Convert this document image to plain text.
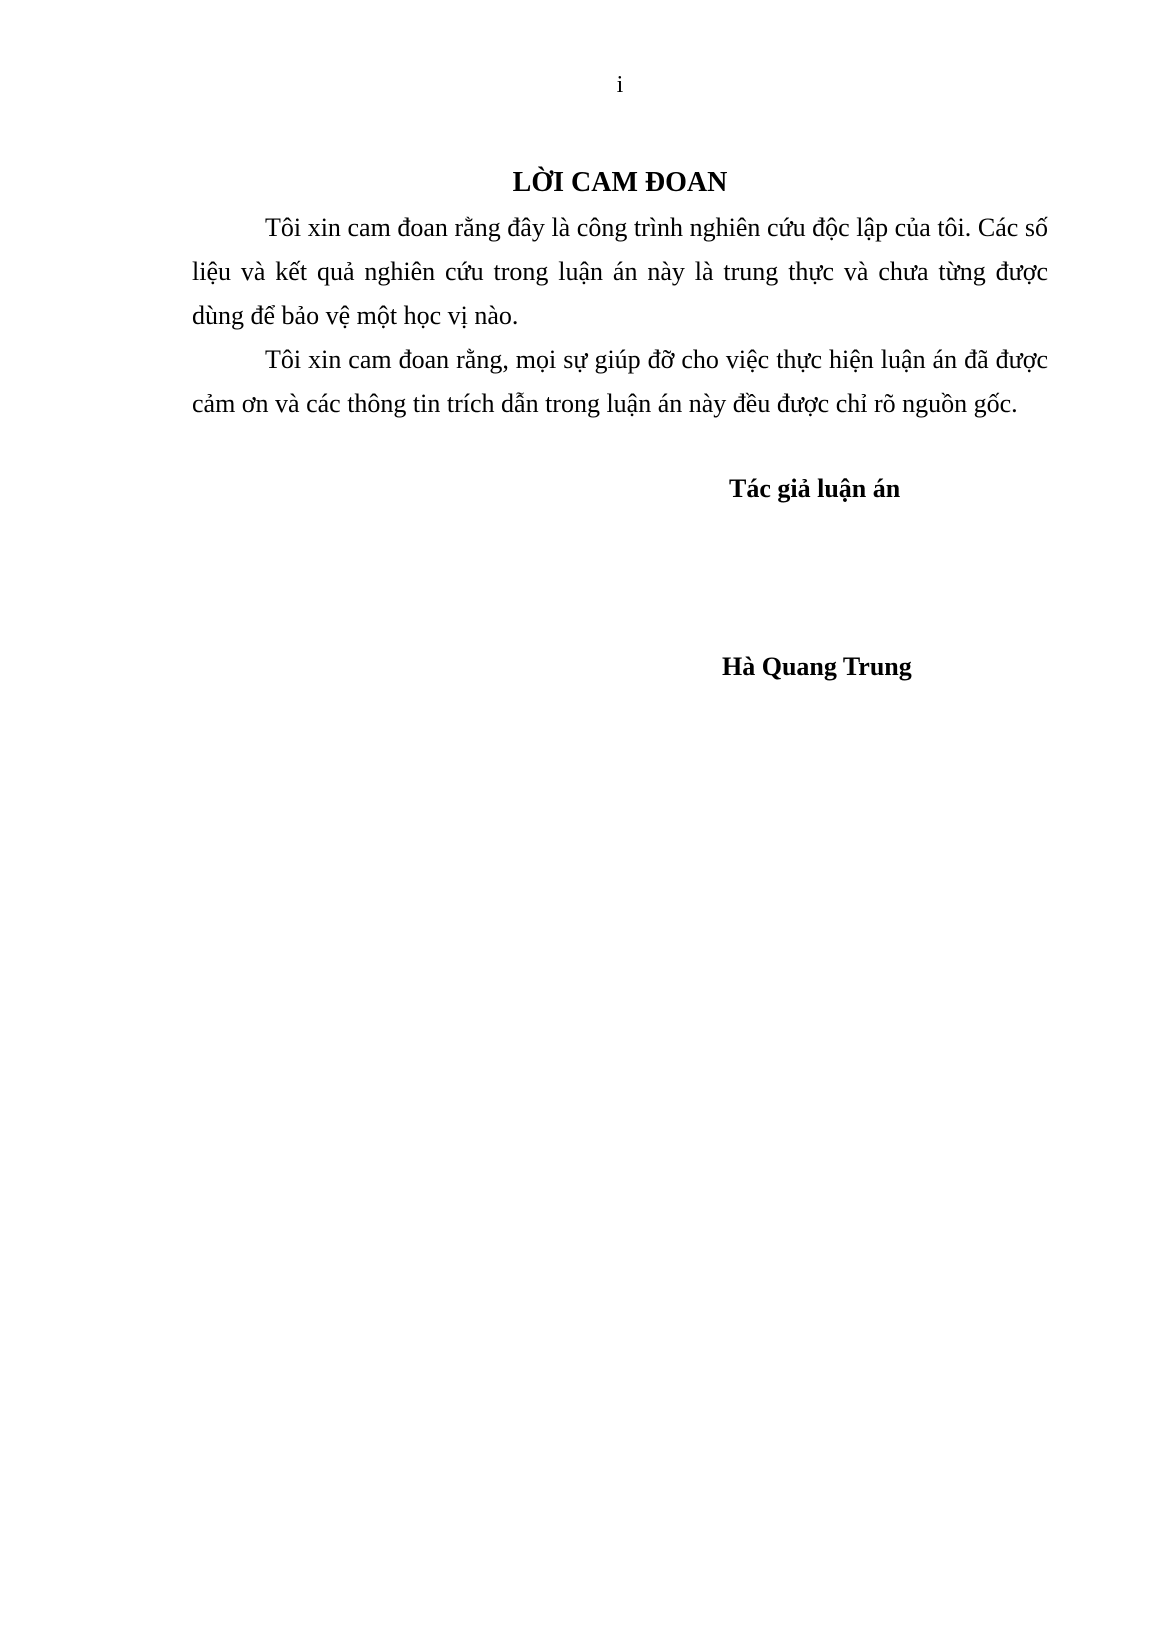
i
LỜI CAM ĐOAN

Tôi xin cam đoan rằng đây là công trình nghiên cứu độc lập của tôi. Các số liệu và kết quả nghiên cứu trong luận án này là trung thực và chưa từng được dùng để bảo vệ một học vị nào.

Tôi xin cam đoan rằng, mọi sự giúp đỡ cho việc thực hiện luận án đã được cảm ơn và các thông tin trích dẫn trong luận án này đều được chỉ rõ nguồn gốc.

Tác giả luận án
Hà Quang Trung
